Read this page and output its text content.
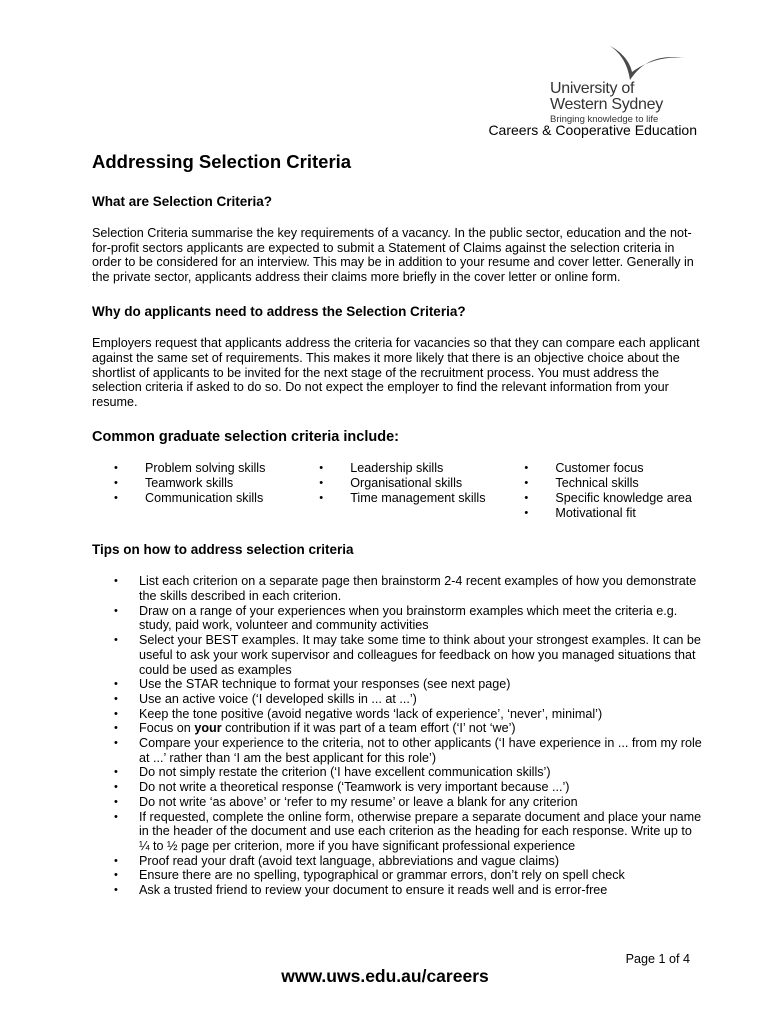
University of
Western Sydney
Bringing knowledge to life
Careers & Cooperative Education
Addressing Selection Criteria
What are Selection Criteria?

Selection Criteria summarise the key requirements of a vacancy. In the public sector, education and the not-for-profit sectors applicants are expected to submit a Statement of Claims against the selection criteria in order to be considered for an interview. This may be in addition to your resume and cover letter. Generally in the private sector, applicants address their claims more briefly in the cover letter or online form.

Why do applicants need to address the Selection Criteria?

Employers request that applicants address the criteria for vacancies so that they can compare each applicant against the same set of requirements. This makes it more likely that there is an objective choice about the shortlist of applicants to be invited for the next stage of the recruitment process. You must address the selection criteria if asked to do so. Do not expect the employer to find the relevant information from your resume.

Common graduate selection criteria include:
• Problem solving skills
• Teamwork skills
• Communication skills
• Leadership skills
• Organisational skills
• Time management skills
• Customer focus
• Technical skills
• Specific knowledge area
• Motivational fit
Tips on how to address selection criteria
• List each criterion on a separate page then brainstorm 2-4 recent examples of how you demonstrate the skills described in each criterion.
• Draw on a range of your experiences when you brainstorm examples which meet the criteria e.g. study, paid work, volunteer and community activities
• Select your BEST examples. It may take some time to think about your strongest examples. It can be useful to ask your work supervisor and colleagues for feedback on how you managed situations that could be used as examples
• Use the STAR technique to format your responses (see next page)
• Use an active voice (‘I developed skills in ... at ...’)
• Keep the tone positive (avoid negative words ‘lack of experience’, ‘never’, minimal’)
• Focus on your contribution if it was part of a team effort (‘I’ not ‘we’)
• Compare your experience to the criteria, not to other applicants (‘I have experience in ... from my role at ...’ rather than ‘I am the best applicant for this role’)
• Do not simply restate the criterion (‘I have excellent communication skills’)
• Do not write a theoretical response (‘Teamwork is very important because ...’)
• Do not write ‘as above’ or ‘refer to my resume’ or leave a blank for any criterion
• If requested, complete the online form, otherwise prepare a separate document and place your name in the header of the document and use each criterion as the heading for each response. Write up to ¼ to ½ page per criterion, more if you have significant professional experience
• Proof read your draft (avoid text language, abbreviations and vague claims)
• Ensure there are no spelling, typographical or grammar errors, don’t rely on spell check
• Ask a trusted friend to review your document to ensure it reads well and is error-free
Page 1 of 4
www.uws.edu.au/careers
